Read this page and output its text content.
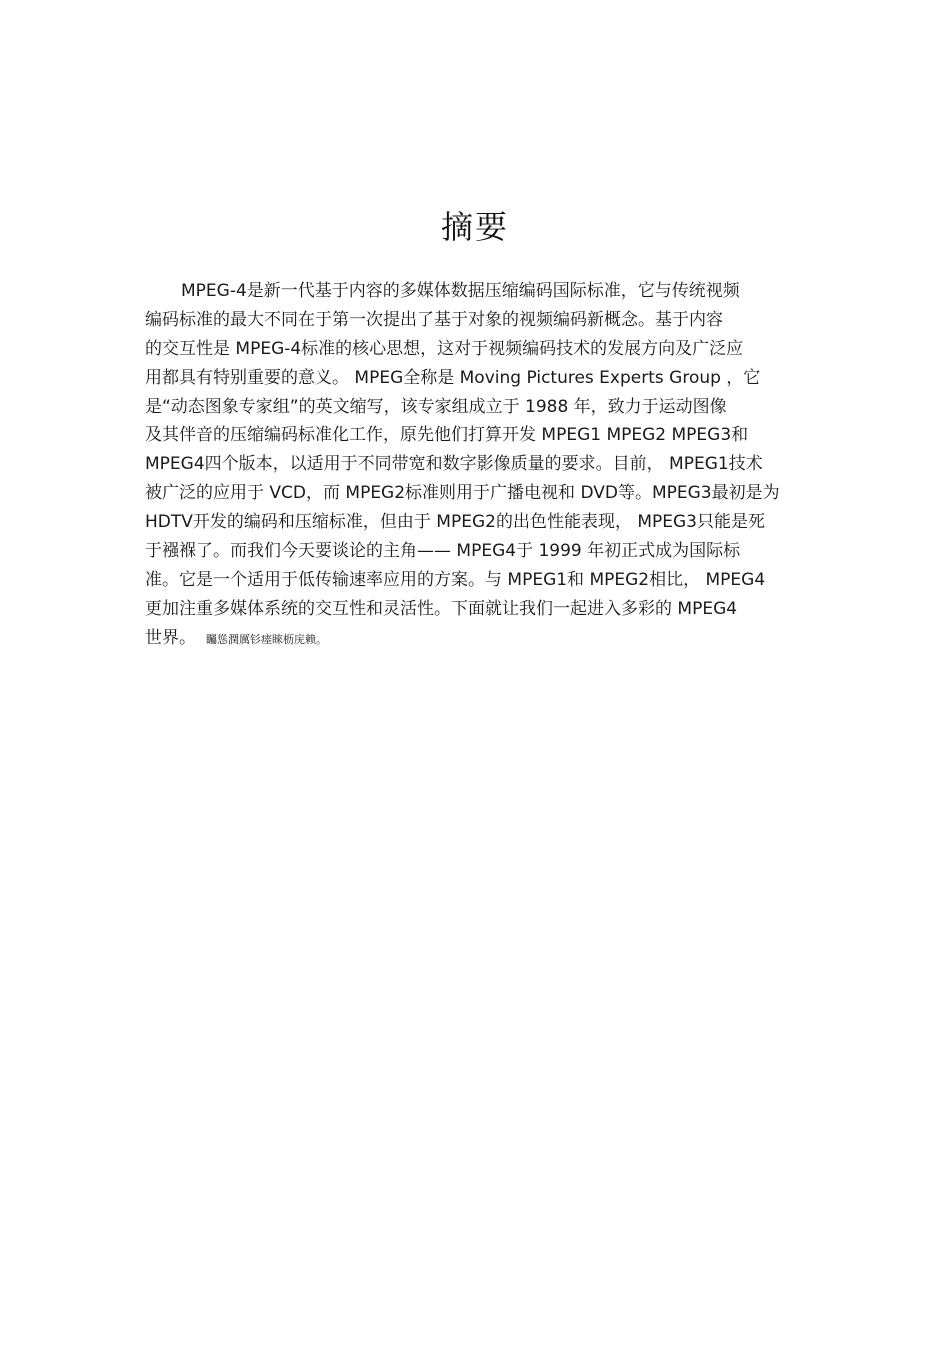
摘要
MPEG-4是新一代基于内容的多媒体数据压缩编码国际标准，它与传统视频
编码标准的最大不同在于第一次提出了基于对象的视频编码新概念。基于内容
的交互性是 MPEG-4标准的核心思想，这对于视频编码技术的发展方向及广泛应
用都具有特别重要的意义。 MPEG全称是 Moving Pictures Experts Group ，它
是“动态图象专家组”的英文缩写，该专家组成立于 1988 年，致力于运动图像
及其伴音的压缩编码标准化工作，原先他们打算开发 MPEG1 MPEG2 MPEG3和
MPEG4四个版本，以适用于不同带宽和数字影像质量的要求。目前， MPEG1技术
被广泛的应用于 VCD，而 MPEG2标准则用于广播电视和 DVD等。MPEG3最初是为
HDTV开发的编码和压缩标准，但由于 MPEG2的出色性能表现， MPEG3只能是死
于襁褓了。而我们今天要谈论的主角—— MPEG4于 1999 年初正式成为国际标
准。它是一个适用于低传输速率应用的方案。与 MPEG1和 MPEG2相比， MPEG4
更加注重多媒体系统的交互性和灵活性。下面就让我们一起进入多彩的 MPEG4
世界。 矚慫潤厲钐瘗睞枥庑赖。
